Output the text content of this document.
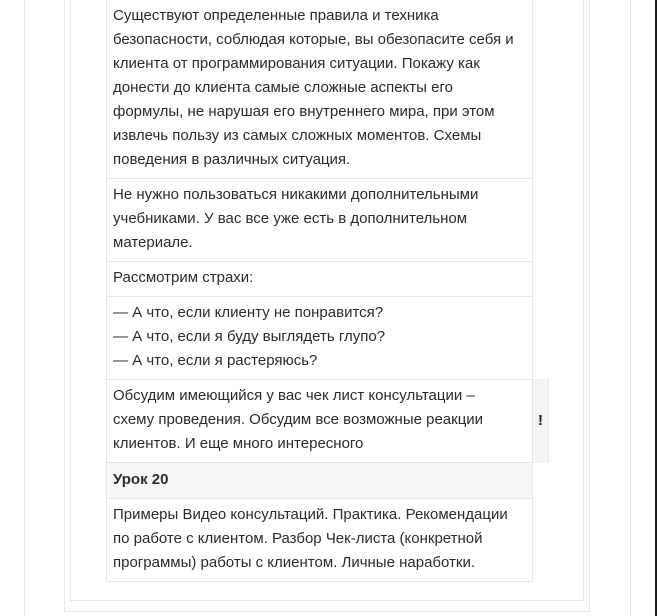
Существуют определенные правила и техника

безопасности, соблюдая которые, вы обезопасите себя и

клиента от программирования ситуации. Покажу как

донести до клиента самые сложные аспекты его

формулы, не нарушая его внутреннего мира, при этом

извлечь пользу из самых сложных моментов. Схемы

поведения в различных ситуация.

Не нужно пользоваться никакими дополнительными

учебниками. У вас все уже есть в дополнительном

материале.

Рассмотрим страхи:

— А что, если клиенту не понравится?

— А что, если я буду выглядеть глупо?

— А что, если я растеряюсь?

Обсудим имеющийся у вас чек лист консультации –

схему проведения. Обсудим все возможные реакции

клиентов. И еще много интересного

!

Урок 20

Примеры Видео консультаций. Практика. Рекомендации

по работе с клиентом. Разбор Чек-листа (конкретной

программы) работы с клиентом. Личные наработки.
